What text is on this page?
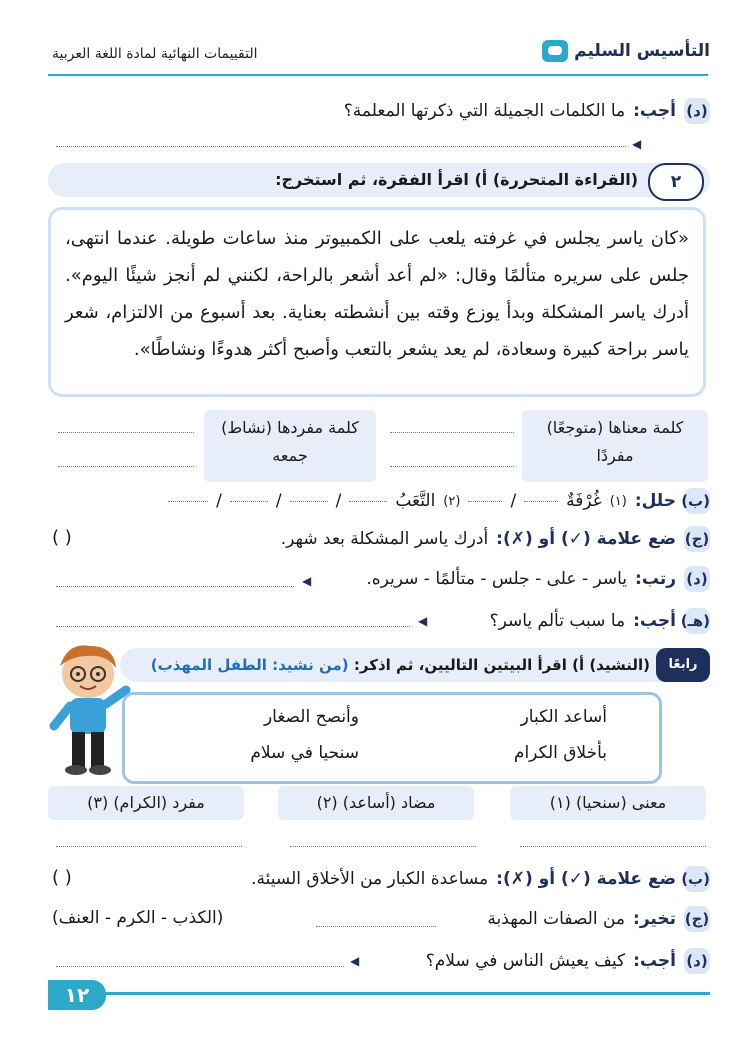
التأسيس السليم
التقييمات النهائية لمادة اللغة العربية
(د)
أجب:
ما الكلمات الجميلة التي ذكرتها المعلمة؟
◀
٢
(القراءة المتحررة) أ) اقرأ الفقرة، ثم استخرج:
«كان ياسر يجلس في غرفته يلعب على الكمبيوتر منذ ساعات طويلة. عندما انتهى، جلس على سريره متألمًا وقال: «لم أعد أشعر بالراحة، لكنني لم أنجز شيئًا اليوم». أدرك ياسر المشكلة وبدأ يوزع وقته بين أنشطته بعناية. بعد أسبوع من الالتزام، شعر ياسر براحة كبيرة وسعادة، لم يعد يشعر بالتعب وأصبح أكثر هدوءًا ونشاطًا».
كلمة معناها (متوجعًا)
مفردًا
كلمة مفردها (نشاط)
جمعه
(ب)
حلل:
(١)
غُرْفَةٌ
/
(٢)
التَّعَبُ
/
/
/
(ج)
ضع علامة (✓) أو (✗):
أدرك ياسر المشكلة بعد شهر.
( )
(د)
رتب:
ياسر - على - جلس - متألمًا - سريره.
◀
(هـ)
أجب:
ما سبب تألم ياسر؟
◀
رابعًا
(النشيد) أ) اقرأ البيتين التاليين، ثم اذكر: (من نشيد: الطفل المهذب)
أساعد الكبار
وأنصح الصغار
بأخلاق الكرام
سنحيا في سلام
(١) معنى (سنحيا)
(٢) مضاد (أساعد)
(٣) مفرد (الكرام)
(ب)
ضع علامة (✓) أو (✗):
مساعدة الكبار من الأخلاق السيئة.
( )
(ج)
تخير:
من الصفات المهذبة
(الكذب - الكرم - العنف)
(د)
أجب:
كيف يعيش الناس في سلام؟
◀
١٢
